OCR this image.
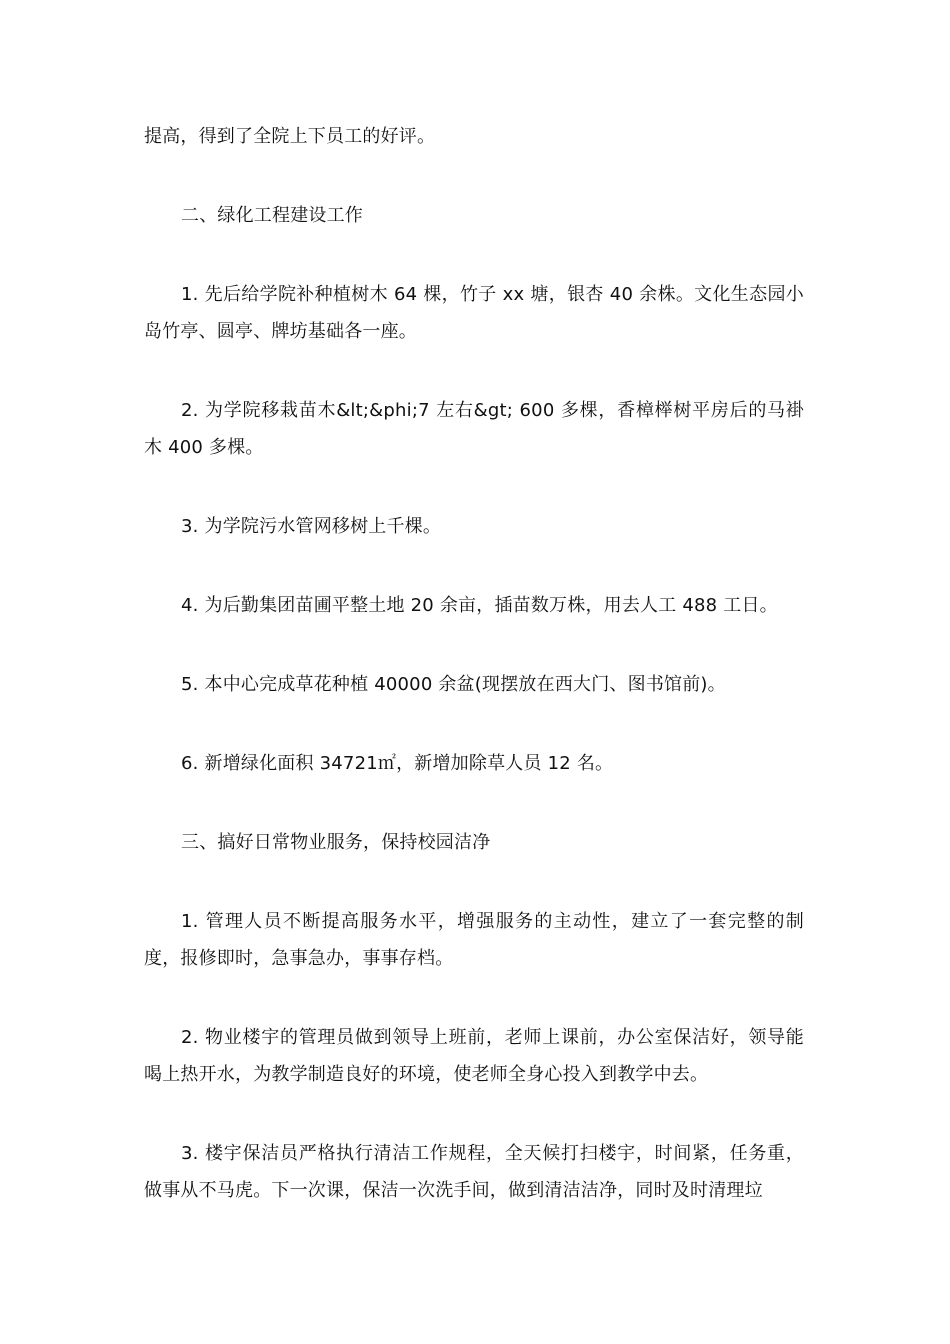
提高，得到了全院上下员工的好评。

二、绿化工程建设工作

1. 先后给学院补种植树木 64 棵，竹子 xx 塘，银杏 40 余株。文化生态园小岛竹亭、圆亭、牌坊基础各一座。

2. 为学院移栽苗木&lt;&phi;7 左右&gt; 600 多棵，香樟榉树平房后的马褂木 400 多棵。

3. 为学院污水管网移树上千棵。

4. 为后勤集团苗圃平整土地 20 余亩，插苗数万株，用去人工 488 工日。

5. 本中心完成草花种植 40000 余盆(现摆放在西大门、图书馆前)。

6. 新增绿化面积 34721㎡，新增加除草人员 12 名。

三、搞好日常物业服务，保持校园洁净

1. 管理人员不断提高服务水平，增强服务的主动性，建立了一套完整的制度，报修即时，急事急办，事事存档。

2. 物业楼宇的管理员做到领导上班前，老师上课前，办公室保洁好，领导能喝上热开水，为教学制造良好的环境，使老师全身心投入到教学中去。

3. 楼宇保洁员严格执行清洁工作规程，全天候打扫楼宇，时间紧，任务重，做事从不马虎。下一次课，保洁一次洗手间，做到清洁洁净，同时及时清理垃
